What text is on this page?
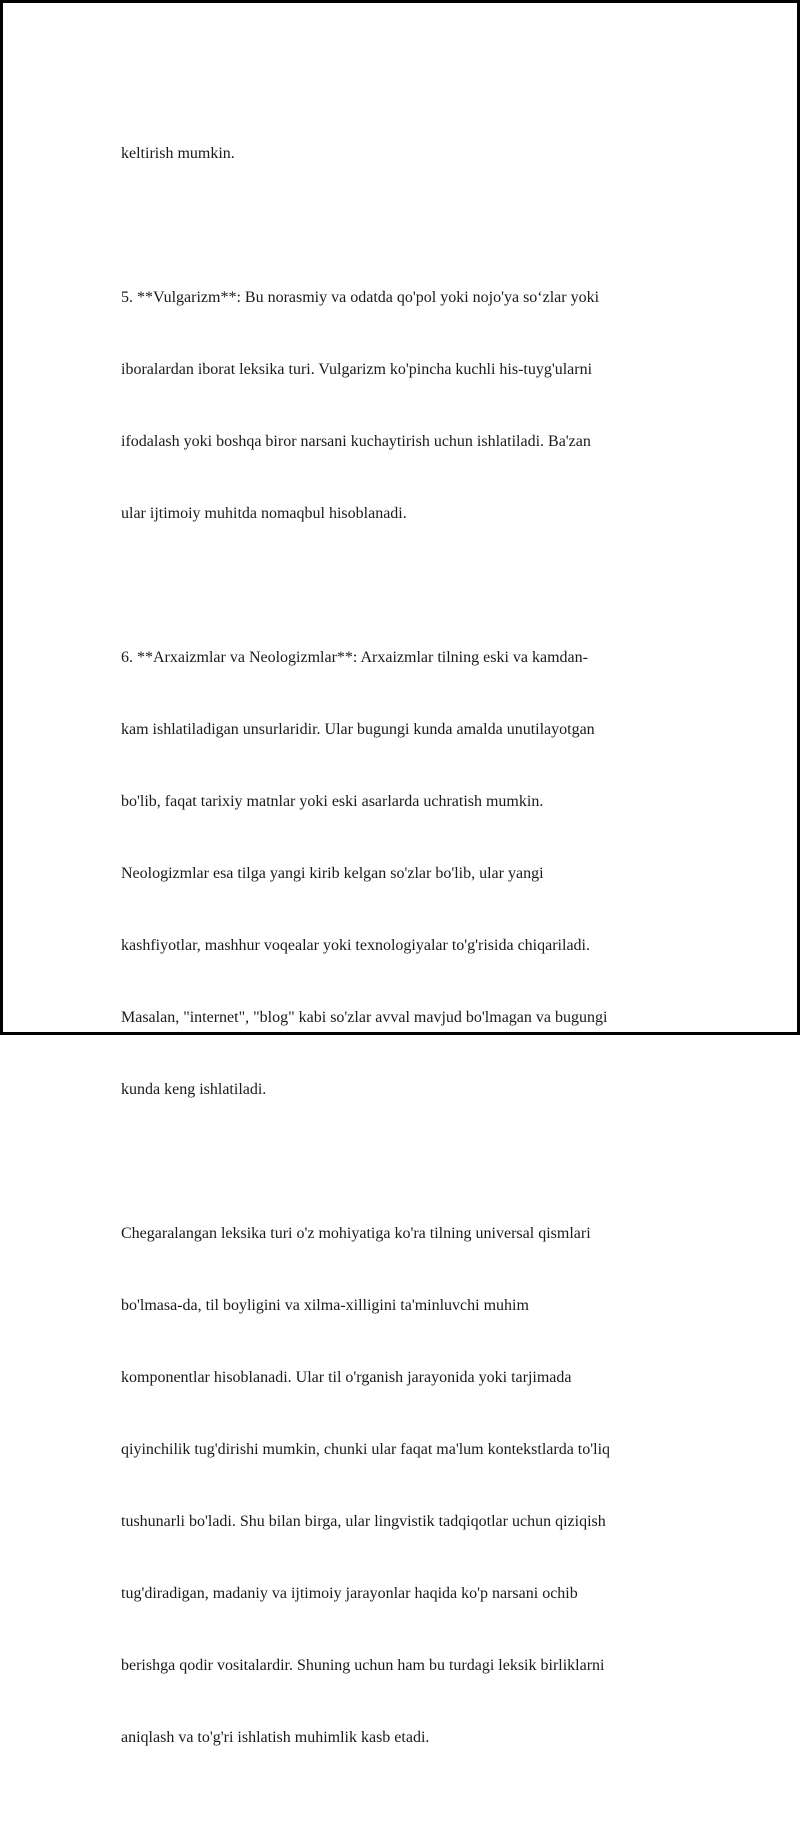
keltirish mumkin.

5. **Vulgarizm**: Bu norasmiy va odatda qo'pol yoki nojo'ya so‘zlar yoki

iboralardan iborat leksika turi. Vulgarizm ko'pincha kuchli his-tuyg'ularni

ifodalash yoki boshqa biror narsani kuchaytirish uchun ishlatiladi. Ba'zan

ular ijtimoiy muhitda nomaqbul hisoblanadi.

6. **Arxaizmlar va Neologizmlar**: Arxaizmlar tilning eski va kamdan-

kam ishlatiladigan unsurlaridir. Ular bugungi kunda amalda unutilayotgan

bo'lib, faqat tarixiy matnlar yoki eski asarlarda uchratish mumkin.

Neologizmlar esa tilga yangi kirib kelgan so'zlar bo'lib, ular yangi

kashfiyotlar, mashhur voqealar yoki texnologiyalar to'g'risida chiqariladi.

Masalan, "internet", "blog" kabi so'zlar avval mavjud bo'lmagan va bugungi

kunda keng ishlatiladi.

Chegaralangan leksika turi o'z mohiyatiga ko'ra tilning universal qismlari

bo'lmasa-da, til boyligini va xilma-xilligini ta'minluvchi muhim

komponentlar hisoblanadi. Ular til o'rganish jarayonida yoki tarjimada

qiyinchilik tug'dirishi mumkin, chunki ular faqat ma'lum kontekstlarda to'liq

tushunarli bo'ladi. Shu bilan birga, ular lingvistik tadqiqotlar uchun qiziqish

tug'diradigan, madaniy va ijtimoiy jarayonlar haqida ko'p narsani ochib

berishga qodir vositalardir. Shuning uchun ham bu turdagi leksik birliklarni

aniqlash va to'g'ri ishlatish muhimlik kasb etadi.
